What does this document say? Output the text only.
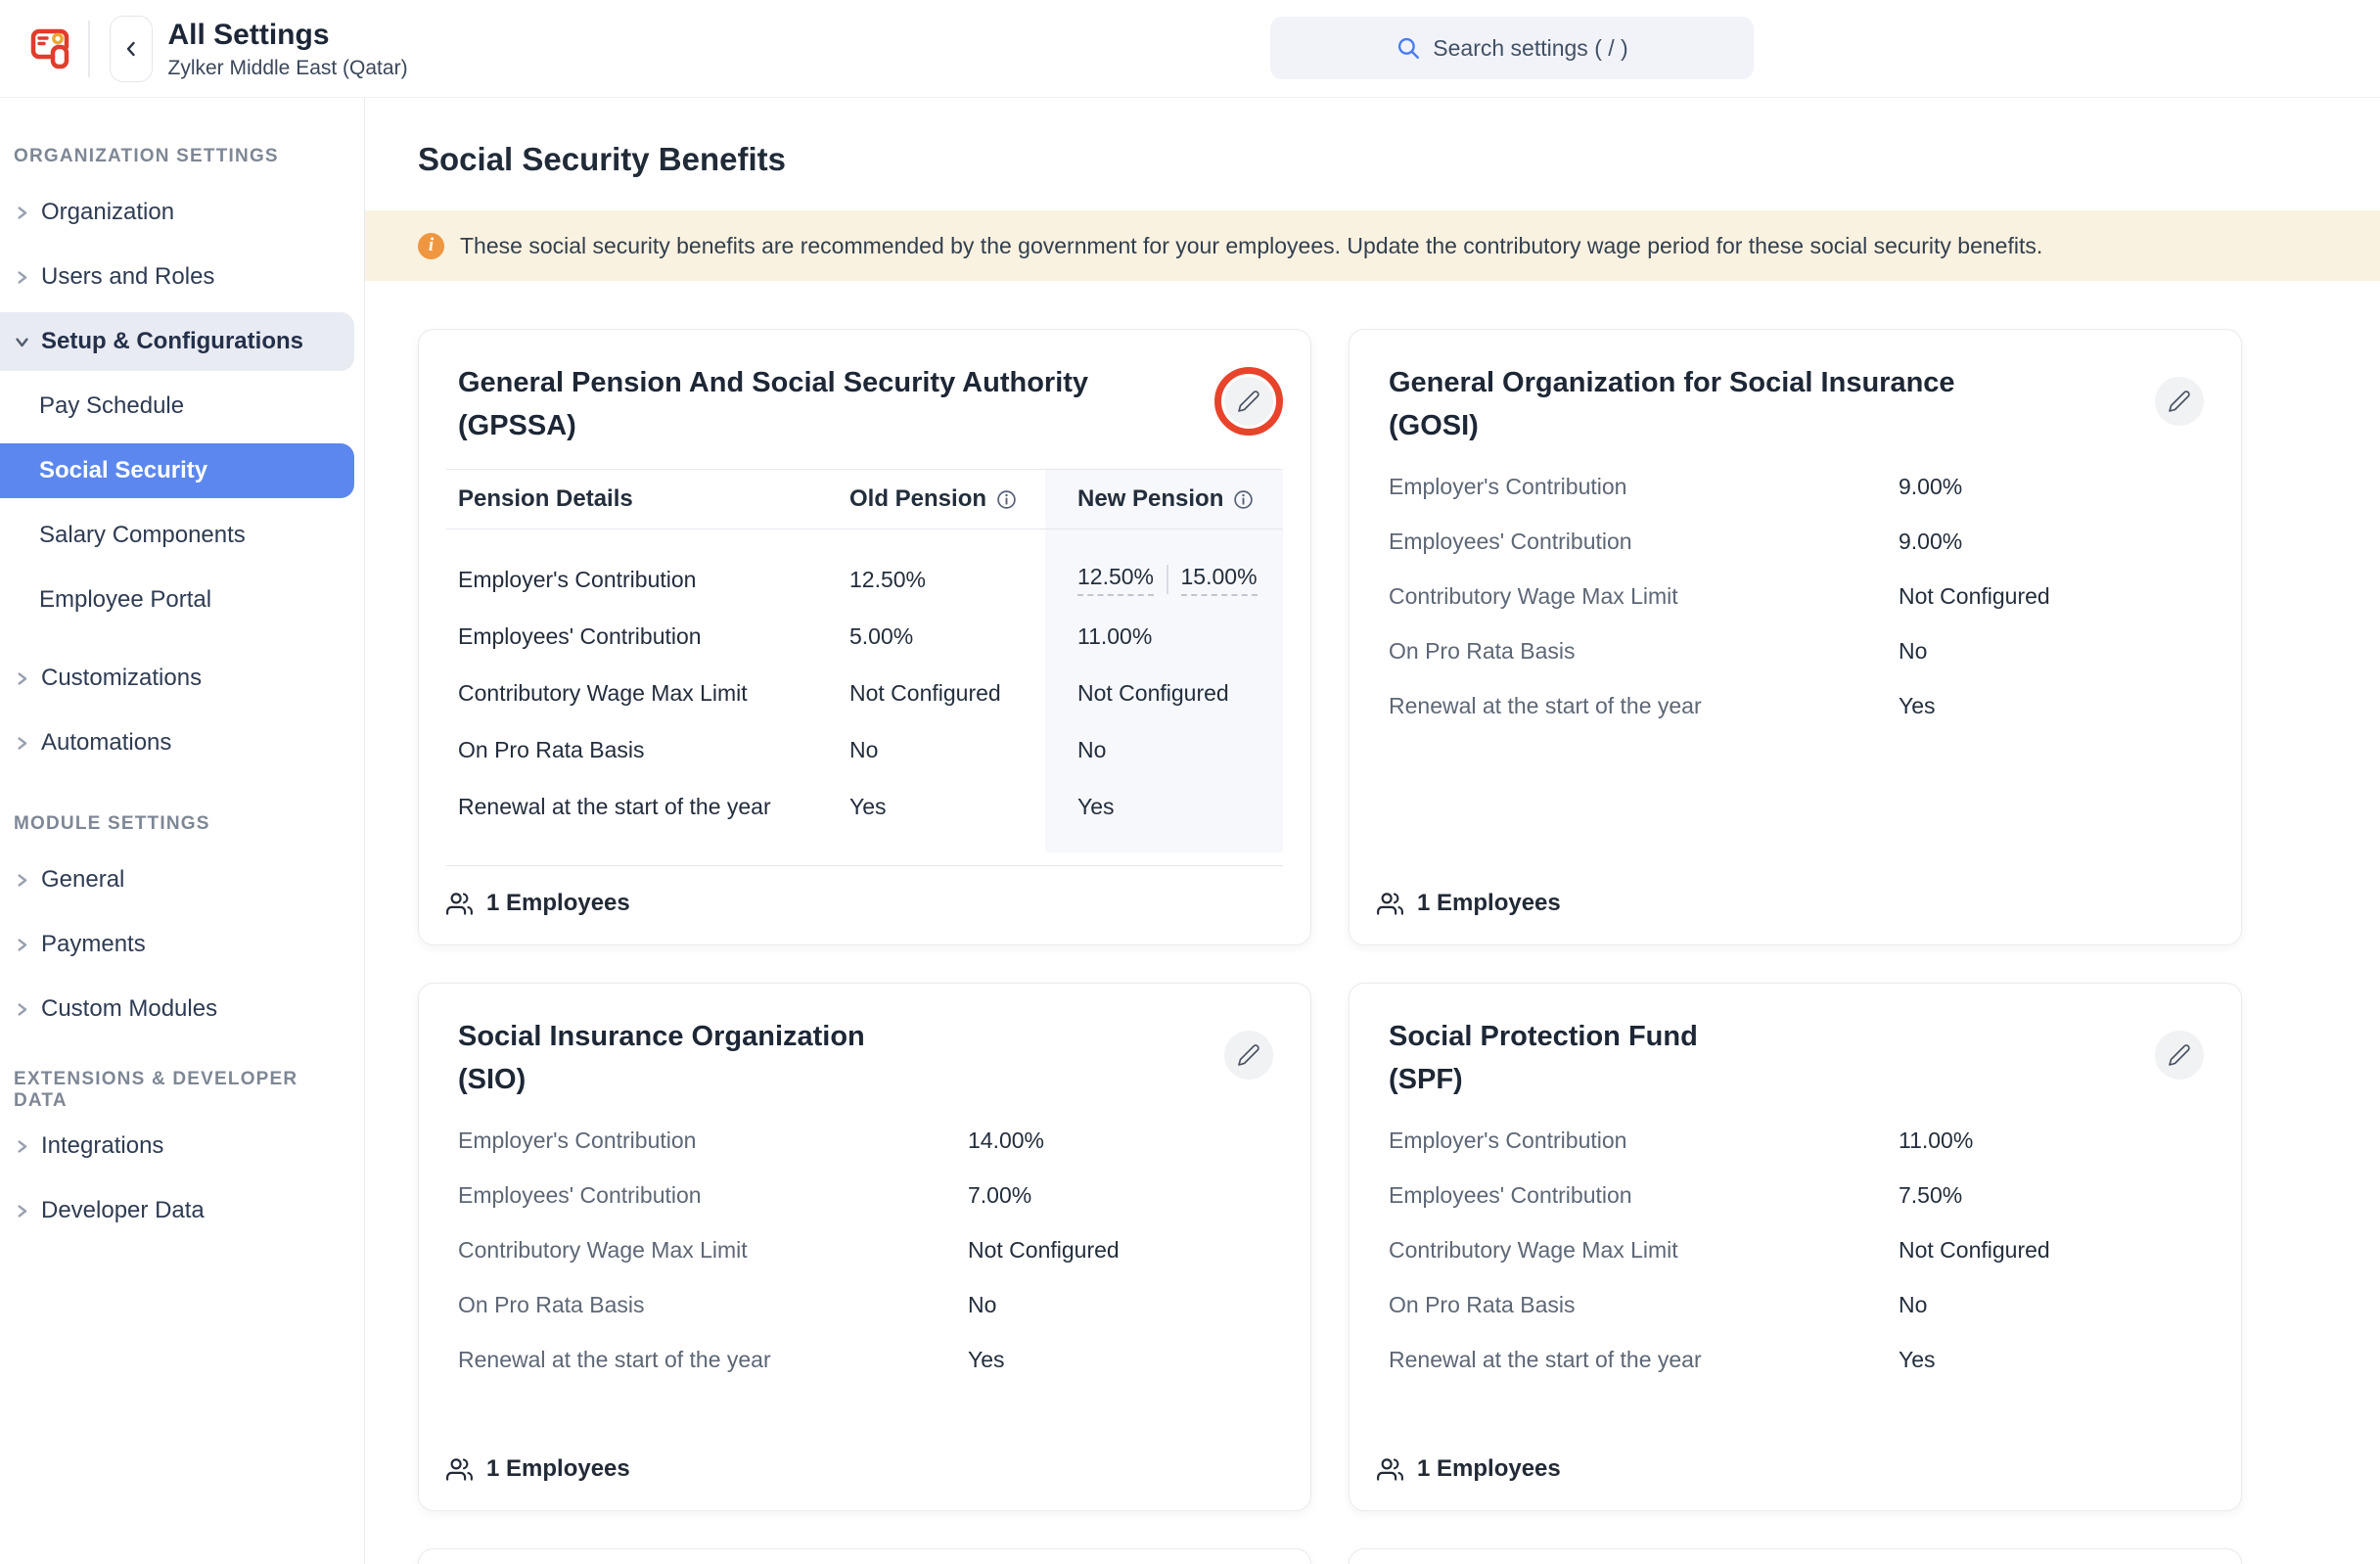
All Settings
Zylker Middle East (Qatar)
Search settings ( / )
ORGANIZATION SETTINGS
Organization
Users and Roles
Setup & Configurations
Pay Schedule
Social Security
Salary Components
Employee Portal
Customizations
Automations
MODULE SETTINGS
General
Payments
Custom Modules
EXTENSIONS & DEVELOPER DATA
Integrations
Developer Data
Social Security Benefits
i	These social security benefits are recommended by the government for your employees. Update the contributory wage period for these social security benefits.
General Pension And Social Security Authority
(GPSSA)
Pension Details	Old Pension	New Pension
Employer's Contribution	12.50%	12.50% 15.00%
Employees' Contribution	5.00%	11.00%
Contributory Wage Max Limit	Not Configured	Not Configured
On Pro Rata Basis	No	No
Renewal at the start of the year	Yes	Yes
1 Employees
General Organization for Social Insurance
(GOSI)
Employer's Contribution	9.00%
Employees' Contribution	9.00%
Contributory Wage Max Limit	Not Configured
On Pro Rata Basis	No
Renewal at the start of the year	Yes
1 Employees
Social Insurance Organization
(SIO)
Employer's Contribution	14.00%
Employees' Contribution	7.00%
Contributory Wage Max Limit	Not Configured
On Pro Rata Basis	No
Renewal at the start of the year	Yes
1 Employees
Social Protection Fund
(SPF)
Employer's Contribution	11.00%
Employees' Contribution	7.50%
Contributory Wage Max Limit	Not Configured
On Pro Rata Basis	No
Renewal at the start of the year	Yes
1 Employees
